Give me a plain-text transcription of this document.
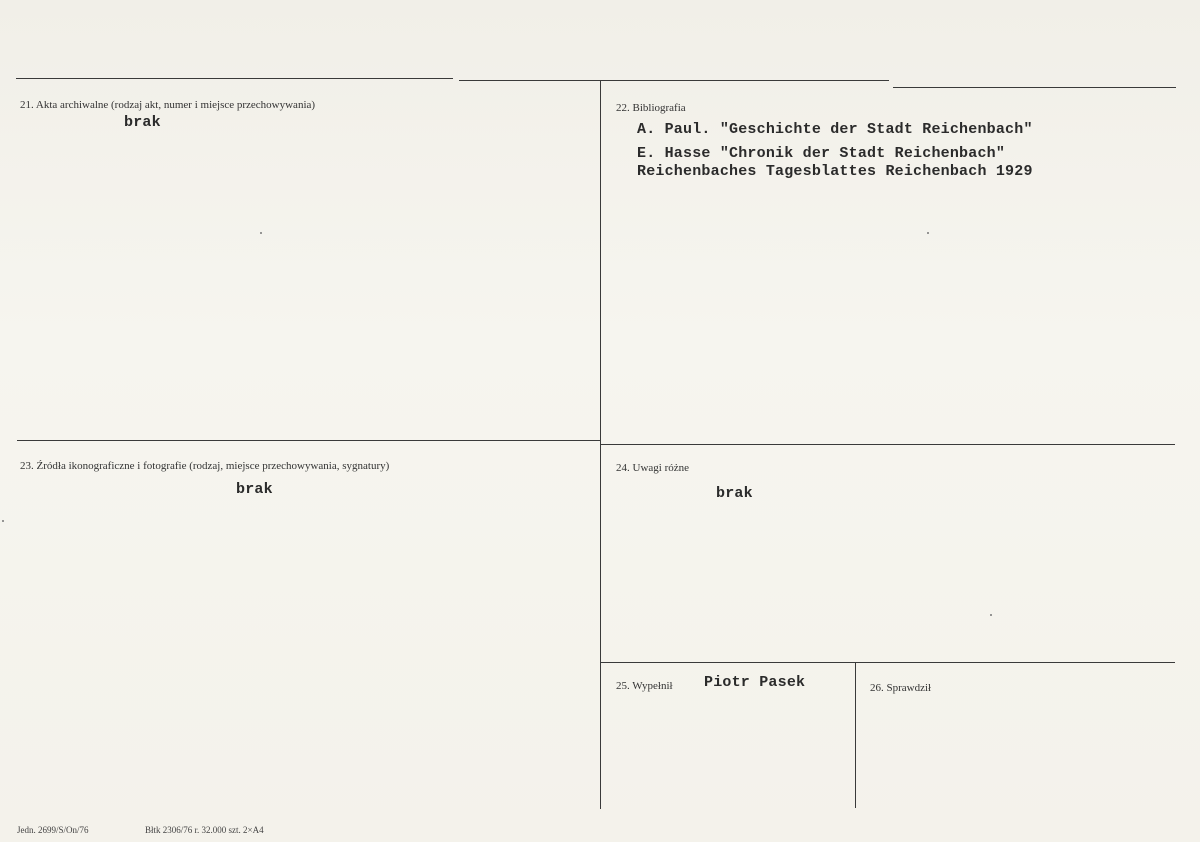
21. Akta archiwalne (rodzaj akt, numer i miejsce przechowywania)
brak
22. Bibliografia
A. Paul. "Geschichte der Stadt Reichenbach"
E. Hasse "Chronik der Stadt Reichenbach"
Reichenbaches Tagesblattes Reichenbach 1929
23. Źródła ikonograficzne i fotografie (rodzaj, miejsce przechowywania, sygnatury)
brak
24. Uwagi różne
brak
25. Wypełnił Piotr Pasek	26. Sprawdził
Jedn. 2699/S/On/76	Błtk 2306/76 r. 32.000 szt. 2×A4
